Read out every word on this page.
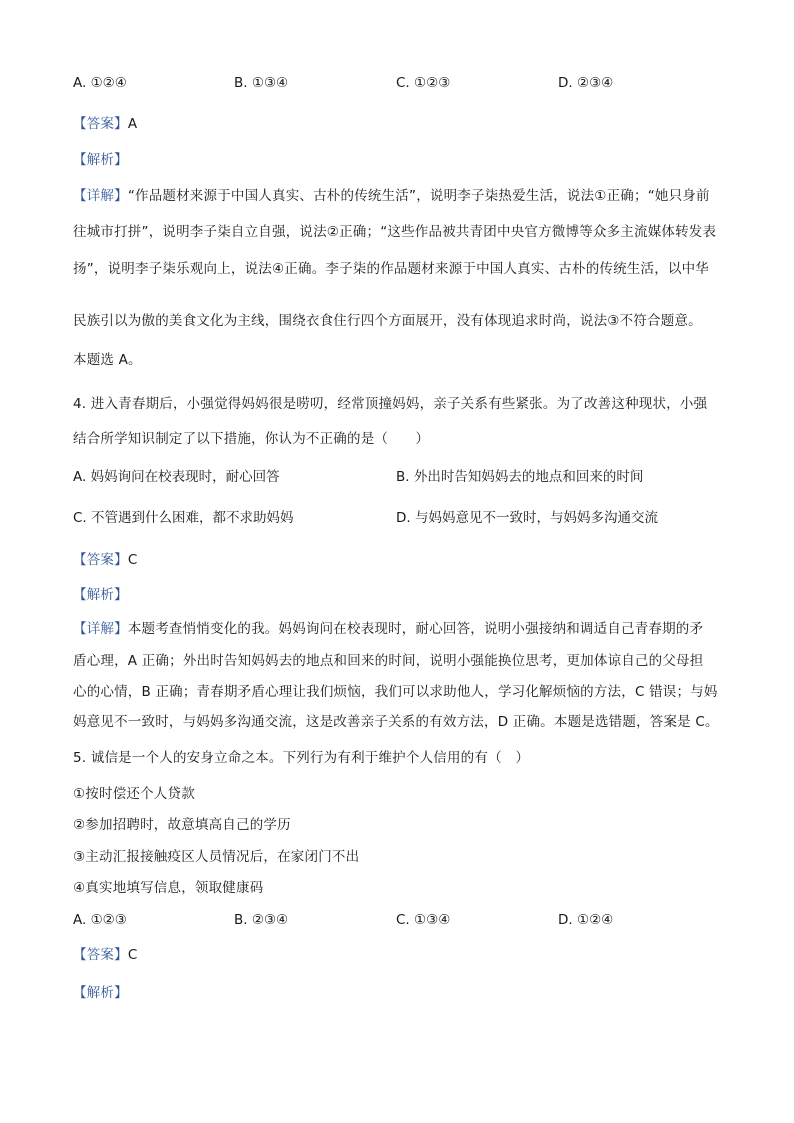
A. ①②④	B. ①③④	C. ①②③	D. ②③④
【答案】A
【解析】
【详解】“作品题材来源于中国人真实、古朴的传统生活”，说明李子柒热爱生活，说法①正确；“她只身前
往城市打拼”，说明李子柒自立自强，说法②正确；“这些作品被共青团中央官方微博等众多主流媒体转发表
扬”，说明李子柒乐观向上，说法④正确。李子柒的作品题材来源于中国人真实、古朴的传统生活，以中华
民族引以为傲的美食文化为主线，围绕衣食住行四个方面展开，没有体现追求时尚，说法③不符合题意。
本题选 A。
4. 进入青春期后，小强觉得妈妈很是唠叨，经常顶撞妈妈，亲子关系有些紧张。为了改善这种现状，小强
结合所学知识制定了以下措施，你认为不正确的是（　　）
A. 妈妈询问在校表现时，耐心回答	B. 外出时告知妈妈去的地点和回来的时间
C. 不管遇到什么困难，都不求助妈妈	D. 与妈妈意见不一致时，与妈妈多沟通交流
【答案】C
【解析】
【详解】本题考查悄悄变化的我。妈妈询问在校表现时，耐心回答，说明小强接纳和调适自己青春期的矛
盾心理，A 正确；外出时告知妈妈去的地点和回来的时间，说明小强能换位思考，更加体谅自己的父母担
心的心情，B 正确；青春期矛盾心理让我们烦恼，我们可以求助他人，学习化解烦恼的方法，C 错误；与妈
妈意见不一致时，与妈妈多沟通交流，这是改善亲子关系的有效方法，D 正确。本题是选错题，答案是 C。
5. 诚信是一个人的安身立命之本。下列行为有利于维护个人信用的有（　）
①按时偿还个人贷款
②参加招聘时，故意填高自己的学历
③主动汇报接触疫区人员情况后，在家闭门不出
④真实地填写信息，领取健康码
A. ①②③	B. ②③④	C. ①③④	D. ①②④
【答案】C
【解析】
